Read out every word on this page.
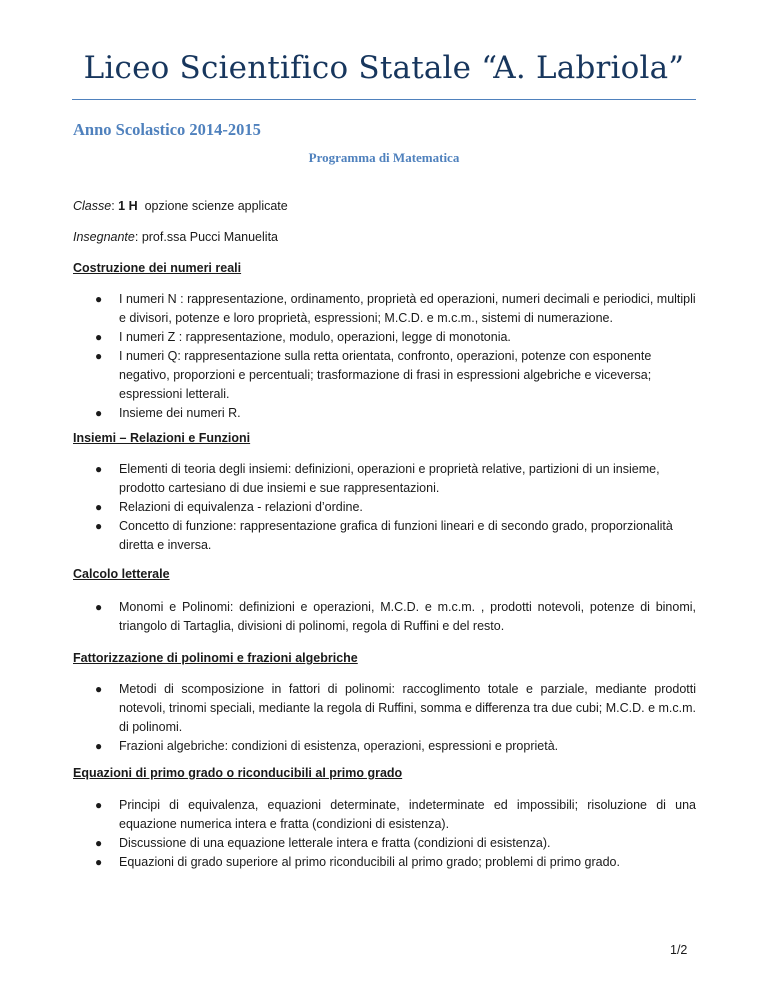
Liceo Scientifico Statale “A. Labriola”
Anno Scolastico 2014-2015
Programma di Matematica
Classe: 1 H opzione scienze applicate
Insegnante: prof.ssa Pucci Manuelita
Costruzione dei numeri reali
● I numeri N : rappresentazione, ordinamento, proprietà ed operazioni, numeri decimali e periodici, multipli e divisori, potenze e loro proprietà, espressioni; M.C.D. e m.c.m., sistemi di numerazione.
● I numeri Z : rappresentazione, modulo, operazioni, legge di monotonia.
● I numeri Q: rappresentazione sulla retta orientata, confronto, operazioni, potenze con esponente negativo, proporzioni e percentuali; trasformazione di frasi in espressioni algebriche e viceversa; espressioni letterali.
● Insieme dei numeri R.
Insiemi – Relazioni e Funzioni
● Elementi di teoria degli insiemi: definizioni, operazioni e proprietà relative, partizioni di un insieme, prodotto cartesiano di due insiemi e sue rappresentazioni.
● Relazioni di equivalenza - relazioni d’ordine.
● Concetto di funzione: rappresentazione grafica di funzioni lineari e di secondo grado, proporzionalità diretta e inversa.
Calcolo letterale
● Monomi e Polinomi: definizioni e operazioni, M.C.D. e m.c.m. , prodotti notevoli, potenze di binomi, triangolo di Tartaglia, divisioni di polinomi, regola di Ruffini e del resto.
Fattorizzazione di polinomi e frazioni algebriche
● Metodi di scomposizione in fattori di polinomi: raccoglimento totale e parziale, mediante prodotti notevoli, trinomi speciali, mediante la regola di Ruffini, somma e differenza tra due cubi; M.C.D. e m.c.m. di polinomi.
● Frazioni algebriche: condizioni di esistenza, operazioni, espressioni e proprietà.
Equazioni di primo grado o riconducibili al primo grado
● Principi di equivalenza, equazioni determinate, indeterminate ed impossibili; risoluzione di una equazione numerica intera e fratta (condizioni di esistenza).
● Discussione di una equazione letterale intera e fratta (condizioni di esistenza).
● Equazioni di grado superiore al primo riconducibili al primo grado; problemi di primo grado.
1/2
